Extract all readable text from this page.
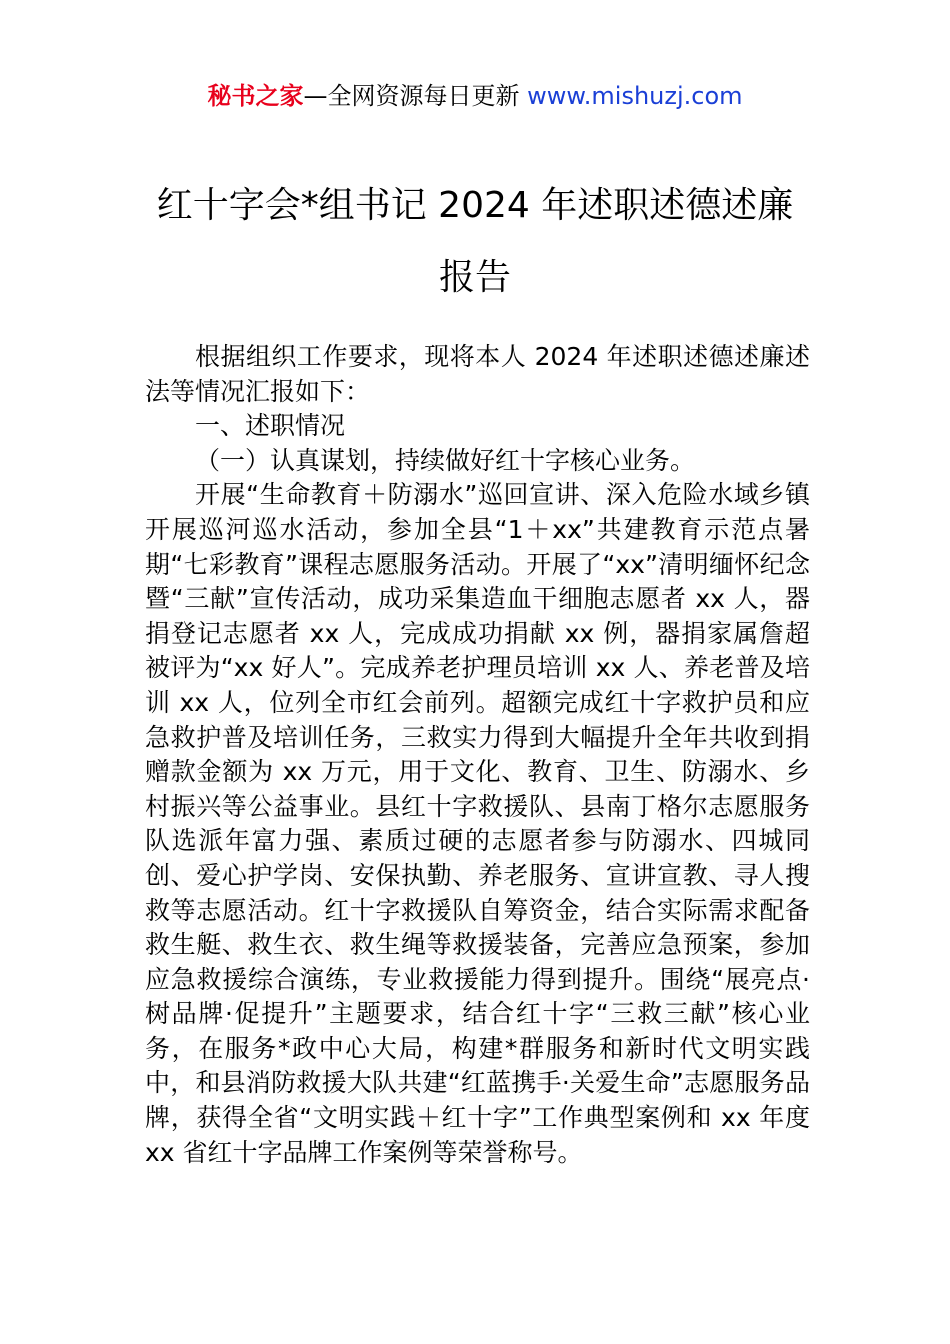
秘书之家—全网资源每日更新 www.mishuzj.com
红十字会*组书记 2024 年述职述德述廉报告

根据组织工作要求，现将本人 2024 年述职述德述廉述法等情况汇报如下：

一、述职情况

（一）认真谋划，持续做好红十字核心业务。

开展“生命教育＋防溺水”巡回宣讲、深入危险水域乡镇开展巡河巡水活动，参加全县“1＋xx”共建教育示范点暑期“七彩教育”课程志愿服务活动。开展了“xx”清明缅怀纪念暨“三献”宣传活动，成功采集造血干细胞志愿者 xx 人，器捐登记志愿者 xx 人，完成成功捐献 xx 例，器捐家属詹超被评为“xx 好人”。完成养老护理员培训 xx 人、养老普及培训 xx 人，位列全市红会前列。超额完成红十字救护员和应急救护普及培训任务，三救实力得到大幅提升全年共收到捐赠款金额为 xx 万元，用于文化、教育、卫生、防溺水、乡村振兴等公益事业。县红十字救援队、县南丁格尔志愿服务队选派年富力强、素质过硬的志愿者参与防溺水、四城同创、爱心护学岗、安保执勤、养老服务、宣讲宣教、寻人搜救等志愿活动。红十字救援队自筹资金，结合实际需求配备救生艇、救生衣、救生绳等救援装备，完善应急预案，参加应急救援综合演练，专业救援能力得到提升。围绕“展亮点·树品牌·促提升”主题要求，结合红十字“三救三献”核心业务，在服务*政中心大局，构建*群服务和新时代文明实践中，和县消防救援大队共建“红蓝携手·关爱生命”志愿服务品牌，获得全省“文明实践＋红十字”工作典型案例和 xx 年度 xx 省红十字品牌工作案例等荣誉称号。
